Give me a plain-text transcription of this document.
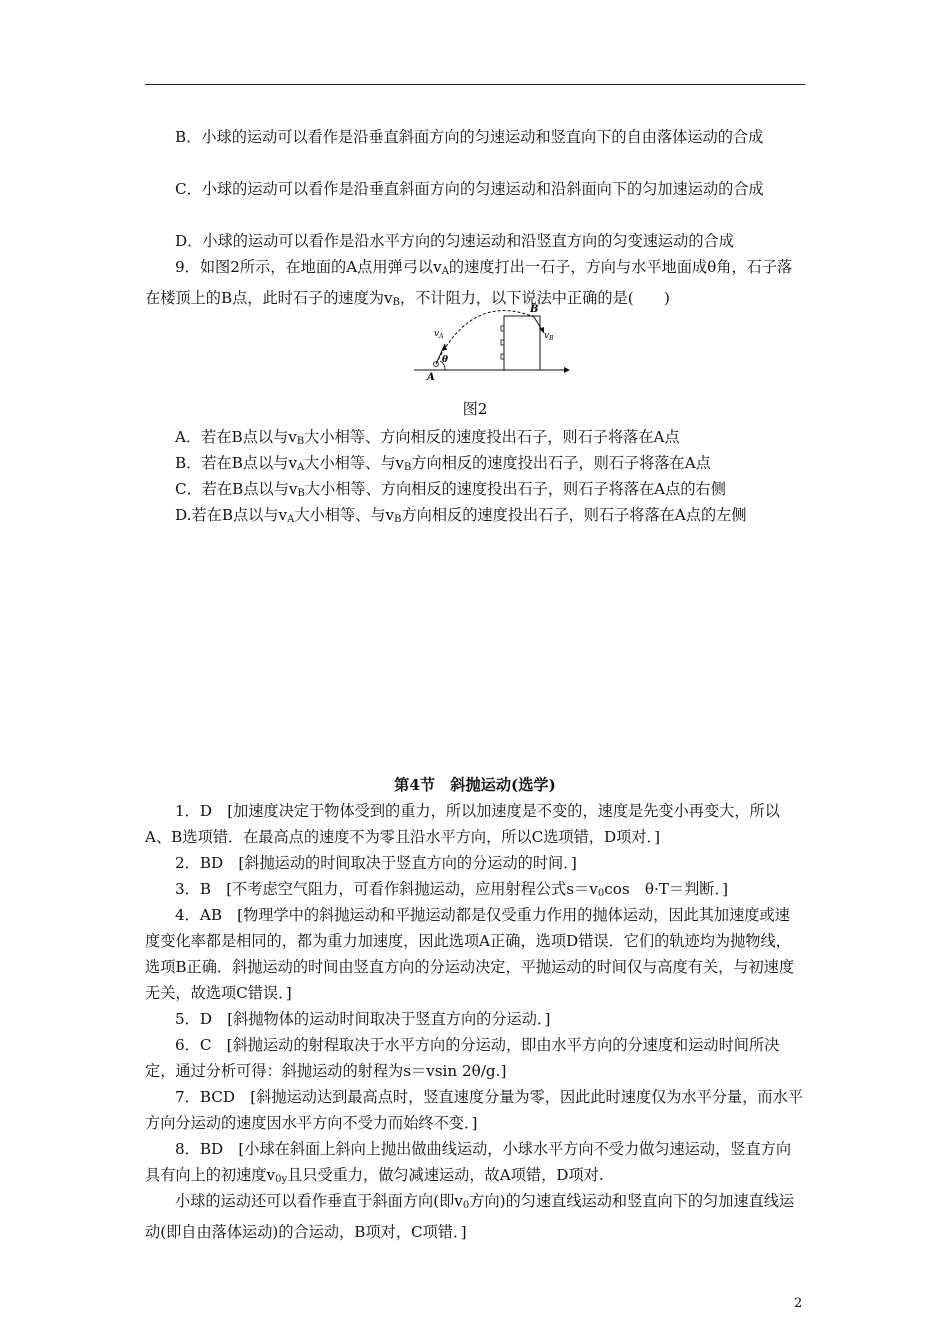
B．小球的运动可以看作是沿垂直斜面方向的匀速运动和竖直向下的自由落体运动的合成

C．小球的运动可以看作是沿垂直斜面方向的匀速运动和沿斜面向下的匀加速运动的合成

D．小球的运动可以看作是沿水平方向的匀速运动和沿竖直方向的匀变速运动的合成

9．如图2所示，在地面的A点用弹弓以$v_A$的速度打出一石子，方向与水平地面成θ角，石子落在楼顶上的B点，此时石子的速度为$v_B$，不计阻力，以下说法中正确的是(　　)

$v_A$
θ
A
B
$v_B$
图2

A．若在B点以与$v_B$大小相等、方向相反的速度投出石子，则石子将落在A点

B．若在B点以与$v_A$大小相等、与$v_B$方向相反的速度投出石子，则石子将落在A点

C．若在B点以与$v_B$大小相等、方向相反的速度投出石子，则石子将落在A点的右侧

D.若在B点以与$v_A$大小相等、与$v_B$方向相反的速度投出石子，则石子将落在A点的左侧

第4节　斜抛运动(选学)

1．D　[加速度决定于物体受到的重力，所以加速度是不变的，速度是先变小再变大，所以A、B选项错．在最高点的速度不为零且沿水平方向，所以C选项错，D项对．]

2．BD　[斜抛运动的时间取决于竖直方向的分运动的时间．]

3．B　[不考虑空气阻力，可看作斜抛运动，应用射程公式$s=v_0\cos$　θ·T＝判断．]

4．AB　[物理学中的斜抛运动和平抛运动都是仅受重力作用的抛体运动，因此其加速度或速度变化率都是相同的，都为重力加速度，因此选项A正确，选项D错误．它们的轨迹均为抛物线，选项B正确．斜抛运动的时间由竖直方向的分运动决定，平抛运动的时间仅与高度有关，与初速度无关，故选项C错误．]

5．D　[斜抛物体的运动时间取决于竖直方向的分运动．]

6．C　[斜抛运动的射程取决于水平方向的分运动，即由水平方向的分速度和运动时间所决定，通过分析可得：斜抛运动的射程为s＝vsin 2θ/g.]

7．BCD　[斜抛运动达到最高点时，竖直速度分量为零，因此此时速度仅为水平分量，而水平方向分运动的速度因水平方向不受力而始终不变．]

8．BD　[小球在斜面上斜向上抛出做曲线运动，小球水平方向不受力做匀速运动，竖直方向具有向上的初速度$v_{0y}$且只受重力，做匀减速运动，故A项错，D项对.

小球的运动还可以看作垂直于斜面方向(即$v_0$方向)的匀速直线运动和竖直向下的匀加速直线运动(即自由落体运动)的合运动，B项对，C项错．]

2
